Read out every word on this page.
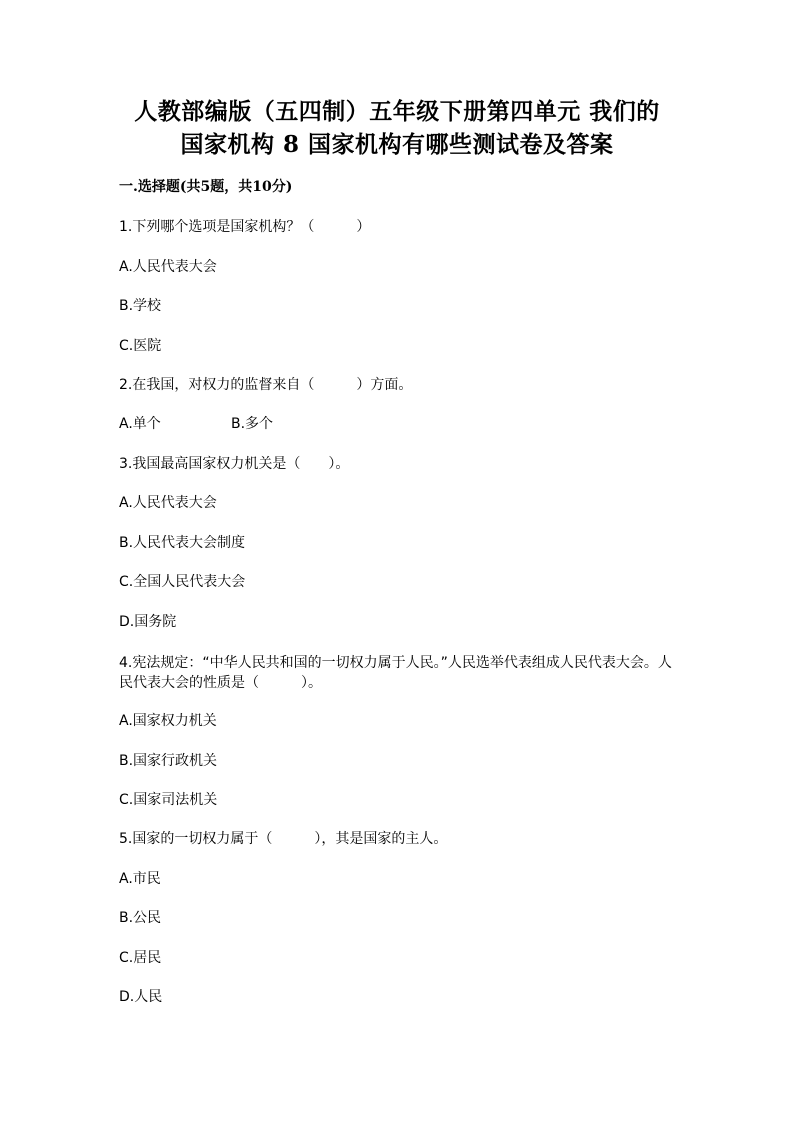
人教部编版（五四制）五年级下册第四单元 我们的
国家机构 8 国家机构有哪些测试卷及答案
一.选择题(共5题，共10分)
1.下列哪个选项是国家机构？（　　　）
A.人民代表大会
B.学校
C.医院
2.在我国，对权力的监督来自（　　　）方面。
A.单个	B.多个
3.我国最高国家权力机关是（　　）。
A.人民代表大会
B.人民代表大会制度
C.全国人民代表大会
D.国务院
4.宪法规定：“中华人民共和国的一切权力属于人民。”人民选举代表组成人民代表大会。人民代表大会的性质是（　　　）。
A.国家权力机关
B.国家行政机关
C.国家司法机关
5.国家的一切权力属于（　　　），其是国家的主人。
A.市民
B.公民
C.居民
D.人民
